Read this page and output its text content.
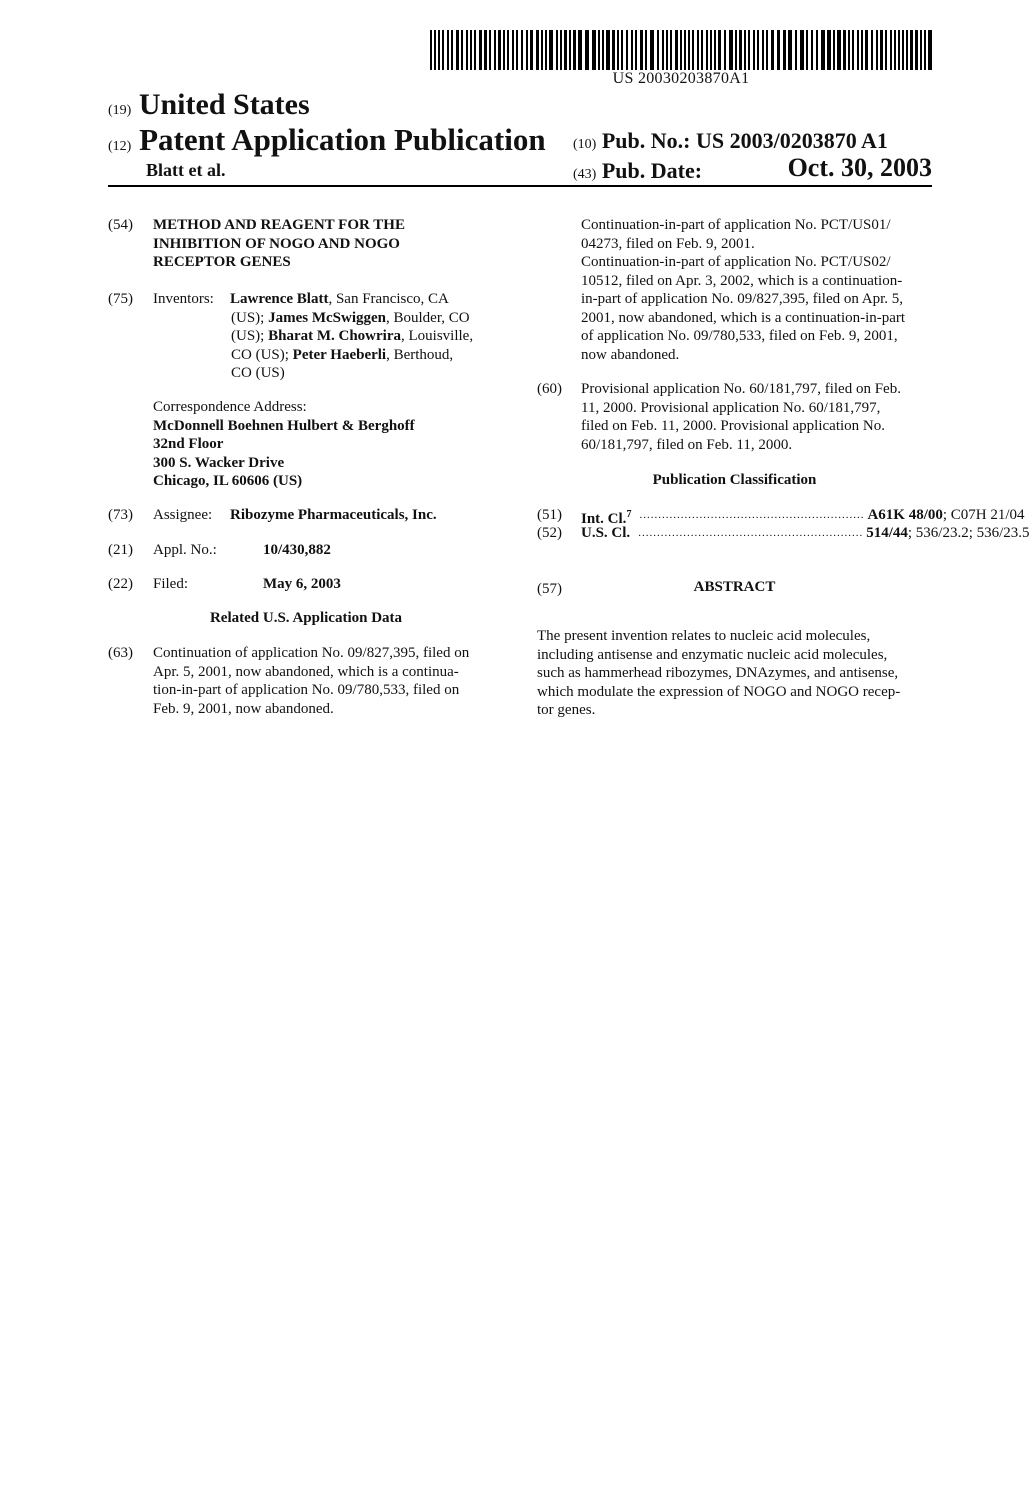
US 20030203870A1
(19) United States
(12) Patent Application Publication
Blatt et al.
(10) Pub. No.: US 2003/0203870 A1
(43) Pub. Date:	Oct. 30, 2003
(54) METHOD AND REAGENT FOR THE
INHIBITION OF NOGO AND NOGO
RECEPTOR GENES
(75) Inventors: Lawrence Blatt, San Francisco, CA
(US); James McSwiggen, Boulder, CO
(US); Bharat M. Chowrira, Louisville,
CO (US); Peter Haeberli, Berthoud,
CO (US)
Correspondence Address:
McDonnell Boehnen Hulbert & Berghoff
32nd Floor
300 S. Wacker Drive
Chicago, IL 60606 (US)
(73) Assignee: Ribozyme Pharmaceuticals, Inc.
(21) Appl. No.:	10/430,882
(22) Filed:	May 6, 2003
Related U.S. Application Data
(63) Continuation of application No. 09/827,395, filed on
Apr. 5, 2001, now abandoned, which is a continua-
tion-in-part of application No. 09/780,533, filed on
Feb. 9, 2001, now abandoned.
Continuation-in-part of application No. PCT/US01/
04273, filed on Feb. 9, 2001.
Continuation-in-part of application No. PCT/US02/
10512, filed on Apr. 3, 2002, which is a continuation-
in-part of application No. 09/827,395, filed on Apr. 5,
2001, now abandoned, which is a continuation-in-part
of application No. 09/780,533, filed on Feb. 9, 2001,
now abandoned.
(60) Provisional application No. 60/181,797, filed on Feb.
11, 2000. Provisional application No. 60/181,797,
filed on Feb. 11, 2000. Provisional application No.
60/181,797, filed on Feb. 11, 2000.
Publication Classification
(51) Int. Cl.$^7$ ............................................................ A61K 48/00 ; C07H 21/04
(52) U.S. Cl. ............................................................ 514/44 ; 536/23.2; 536/23.5
(57)	ABSTRACT
The present invention relates to nucleic acid molecules,
including antisense and enzymatic nucleic acid molecules,
such as hammerhead ribozymes, DNAzymes, and antisense,
which modulate the expression of NOGO and NOGO recep-
tor genes.
